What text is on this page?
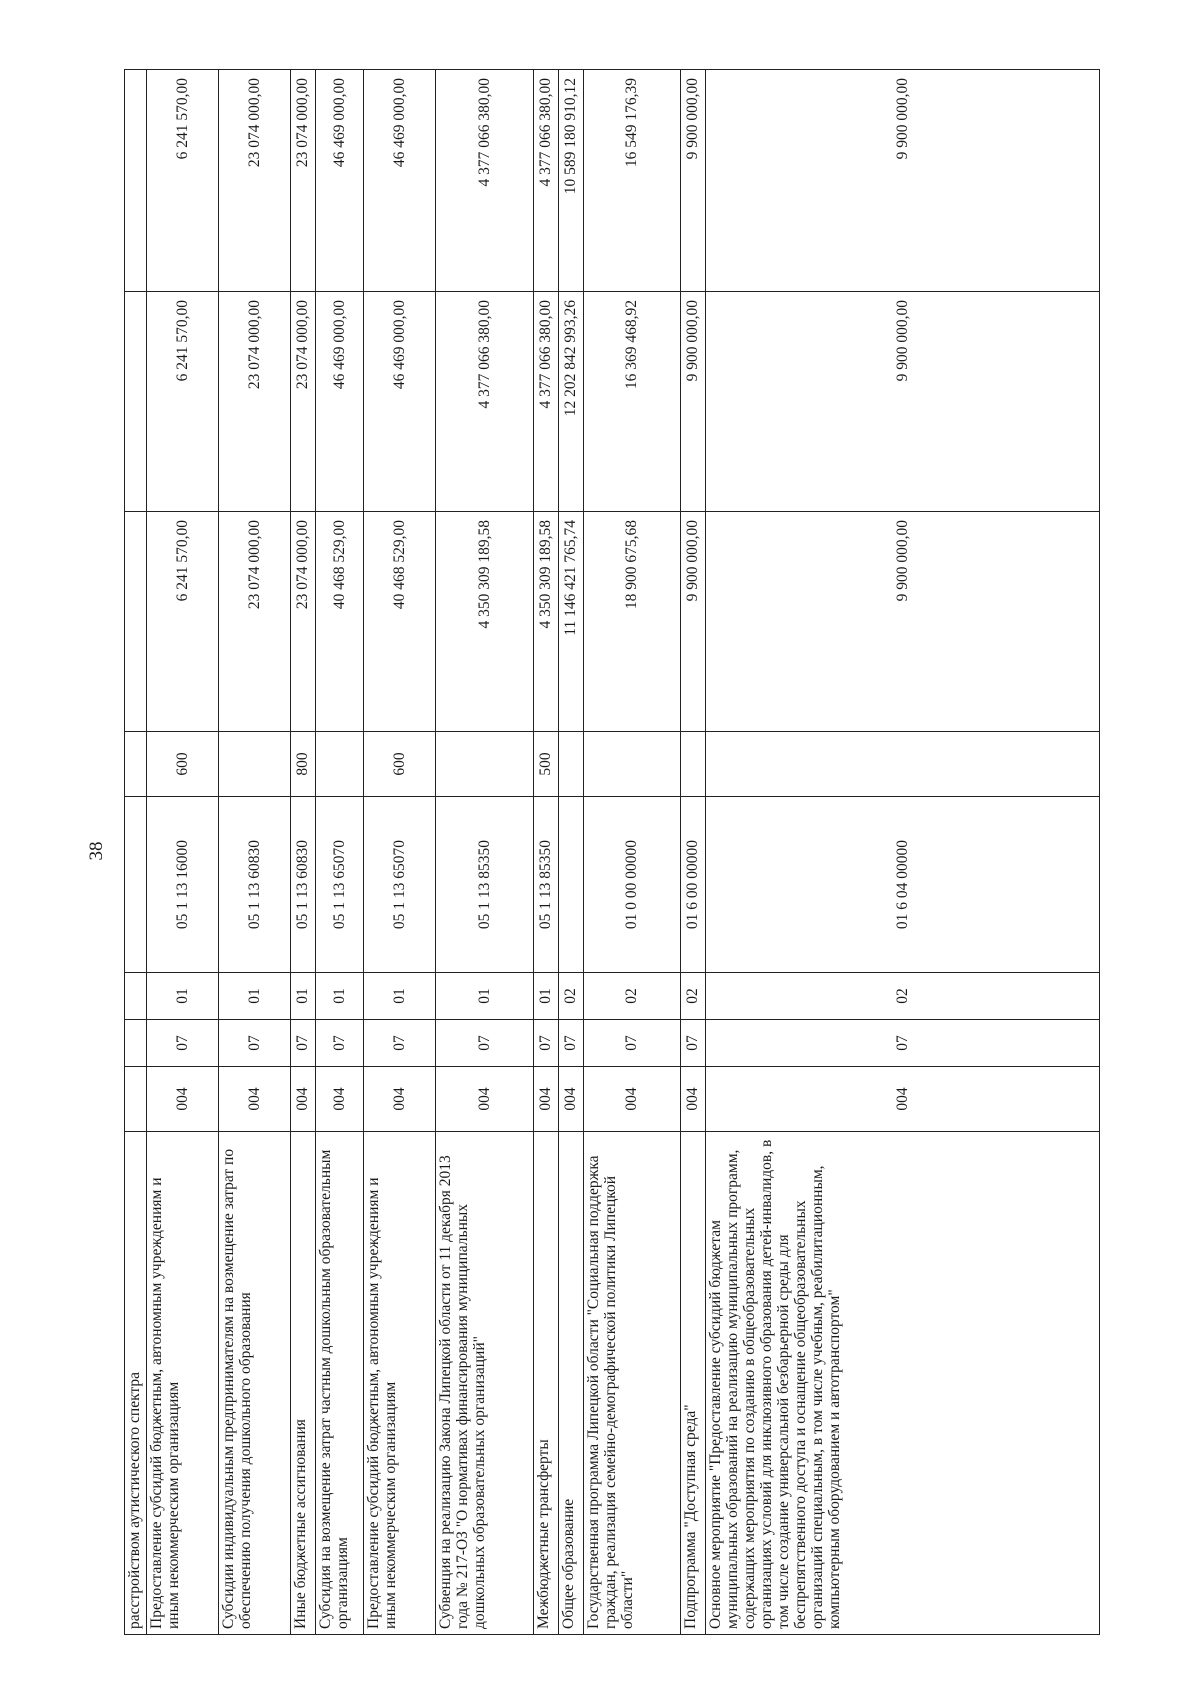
38
расстройством аутистического спектра								
Предоставление субсидий бюджетным, автономным учреждениям и иным некоммерческим организациям	004	07	01	05 1 13 16000	600	6 241 570,00	6 241 570,00	6 241 570,00
Субсидии индивидуальным предпринимателям на возмещение затрат по обеспечению получения дошкольного образования	004	07	01	05 1 13 60830		23 074 000,00	23 074 000,00	23 074 000,00
Иные бюджетные ассигнования	004	07	01	05 1 13 60830	800	23 074 000,00	23 074 000,00	23 074 000,00
Субсидия на возмещение затрат частным дошкольным образовательным организациям	004	07	01	05 1 13 65070		40 468 529,00	46 469 000,00	46 469 000,00
Предоставление субсидий бюджетным, автономным учреждениям и иным некоммерческим организациям	004	07	01	05 1 13 65070	600	40 468 529,00	46 469 000,00	46 469 000,00
Субвенция на реализацию Закона Липецкой области от 11 декабря 2013 года № 217-ОЗ "О нормативах финансирования муниципальных дошкольных образовательных организаций"	004	07	01	05 1 13 85350		4 350 309 189,58	4 377 066 380,00	4 377 066 380,00
Межбюджетные трансферты	004	07	01	05 1 13 85350	500	4 350 309 189,58	4 377 066 380,00	4 377 066 380,00
Общее образование	004	07	02			11 146 421 765,74	12 202 842 993,26	10 589 180 910,12
Государственная программа Липецкой области "Социальная поддержка граждан, реализация семейно-демографической политики Липецкой области"	004	07	02	01 0 00 00000		18 900 675,68	16 369 468,92	16 549 176,39
Подпрограмма "Доступная среда"	004	07	02	01 6 00 00000		9 900 000,00	9 900 000,00	9 900 000,00
Основное мероприятие "Предоставление субсидий бюджетам муниципальных образований на реализацию муниципальных программ, содержащих мероприятия по созданию в общеобразовательных организациях условий для инклюзивного образования детей-инвалидов, в том числе создание универсальной безбарьерной среды для беспрепятственного доступа и оснащение общеобразовательных организаций специальным, в том числе учебным, реабилитационным, компьютерным оборудованием и автотранспортом"	004	07	02	01 6 04 00000		9 900 000,00	9 900 000,00	9 900 000,00
